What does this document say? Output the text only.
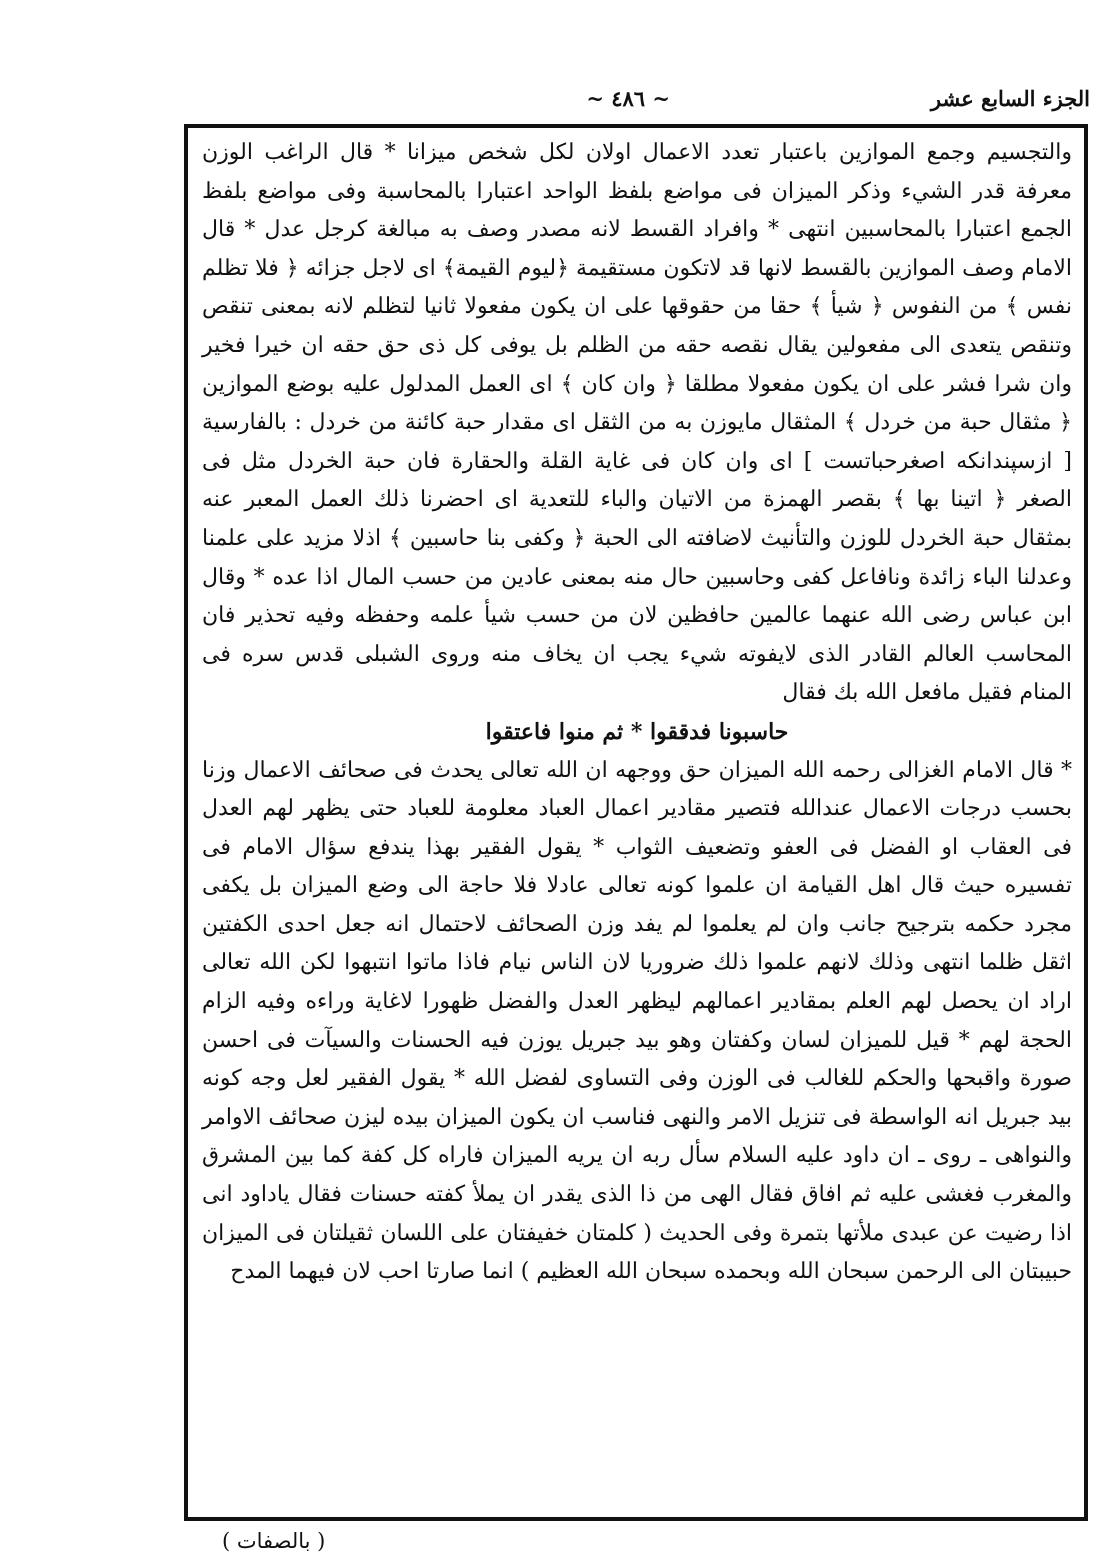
الجزء السابع عشر
~ ٤٨٦ ~

والتجسيم وجمع الموازين باعتبار تعدد الاعمال اولان لكل شخص ميزانا * قال الراغب الوزن معرفة قدر الشيء وذكر الميزان فى مواضع بلفظ الواحد اعتبارا بالمحاسبة وفى مواضع بلفظ الجمع اعتبارا بالمحاسبين انتهى * وافراد القسط لانه مصدر وصف به مبالغة كرجل عدل * قال الامام وصف الموازين بالقسط لانها قد لاتكون مستقيمة ﴿ليوم القيمة﴾ اى لاجل جزائه ﴿ فلا تظلم نفس ﴾ من النفوس ﴿ شيأ ﴾ حقا من حقوقها على ان يكون مفعولا ثانيا لتظلم لانه بمعنى تنقص وتنقص يتعدى الى مفعولين يقال نقصه حقه من الظلم بل يوفى كل ذى حق حقه ان خيرا فخير وان شرا فشر على ان يكون مفعولا مطلقا ﴿ وان كان ﴾ اى العمل المدلول عليه بوضع الموازين ﴿ مثقال حبة من خردل ﴾ المثقال مايوزن به من الثقل اى مقدار حبة كائنة من خردل : بالفارسية [ ازسپندانكه اصغرحباتست ] اى وان كان فى غاية القلة والحقارة فان حبة الخردل مثل فى الصغر ﴿ اتينا بها ﴾ بقصر الهمزة من الاتيان والباء للتعدية اى احضرنا ذلك العمل المعبر عنه بمثقال حبة الخردل للوزن والتأنيث لاضافته الى الحبة ﴿ وكفى بنا حاسبين ﴾ اذلا مزيد على علمنا وعدلنا الباء زائدة ونافاعل كفى وحاسبين حال منه بمعنى عادين من حسب المال اذا عده * وقال ابن عباس رضى الله عنهما عالمين حافظين لان من حسب شيأ علمه وحفظه وفيه تحذير فان المحاسب العالم القادر الذى لايفوته شيء يجب ان يخاف منه وروى الشبلى قدس سره فى المنام فقيل مافعل الله بك فقال

حاسبونا فدققوا * ثم منوا فاعتقوا

* قال الامام الغزالى رحمه الله الميزان حق ووجهه ان الله تعالى يحدث فى صحائف الاعمال وزنا بحسب درجات الاعمال عندالله فتصير مقادير اعمال العباد معلومة للعباد حتى يظهر لهم العدل فى العقاب او الفضل فى العفو وتضعيف الثواب * يقول الفقير بهذا يندفع سؤال الامام فى تفسيره حيث قال اهل القيامة ان علموا كونه تعالى عادلا فلا حاجة الى وضع الميزان بل يكفى مجرد حكمه بترجيح جانب وان لم يعلموا لم يفد وزن الصحائف لاحتمال انه جعل احدى الكفتين اثقل ظلما انتهى وذلك لانهم علموا ذلك ضروريا لان الناس نيام فاذا ماتوا انتبهوا لكن الله تعالى اراد ان يحصل لهم العلم بمقادير اعمالهم ليظهر العدل والفضل ظهورا لاغاية وراءه وفيه الزام الحجة لهم * قيل للميزان لسان وكفتان وهو بيد جبريل يوزن فيه الحسنات والسيآت فى احسن صورة واقبحها والحكم للغالب فى الوزن وفى التساوى لفضل الله * يقول الفقير لعل وجه كونه بيد جبريل انه الواسطة فى تنزيل الامر والنهى فناسب ان يكون الميزان بيده ليزن صحائف الاوامر والنواهى ـ روى ـ ان داود عليه السلام سأل ربه ان يريه الميزان فاراه كل كفة كما بين المشرق والمغرب فغشى عليه ثم افاق فقال الهى من ذا الذى يقدر ان يملأ كفته حسنات فقال ياداود انى اذا رضيت عن عبدى ملأتها بتمرة وفى الحديث ( كلمتان خفيفتان على اللسان ثقيلتان فى الميزان حبيبتان الى الرحمن سبحان الله وبحمده سبحان الله العظيم ) انما صارتا احب لان فيهما المدح

( بالصفات )
